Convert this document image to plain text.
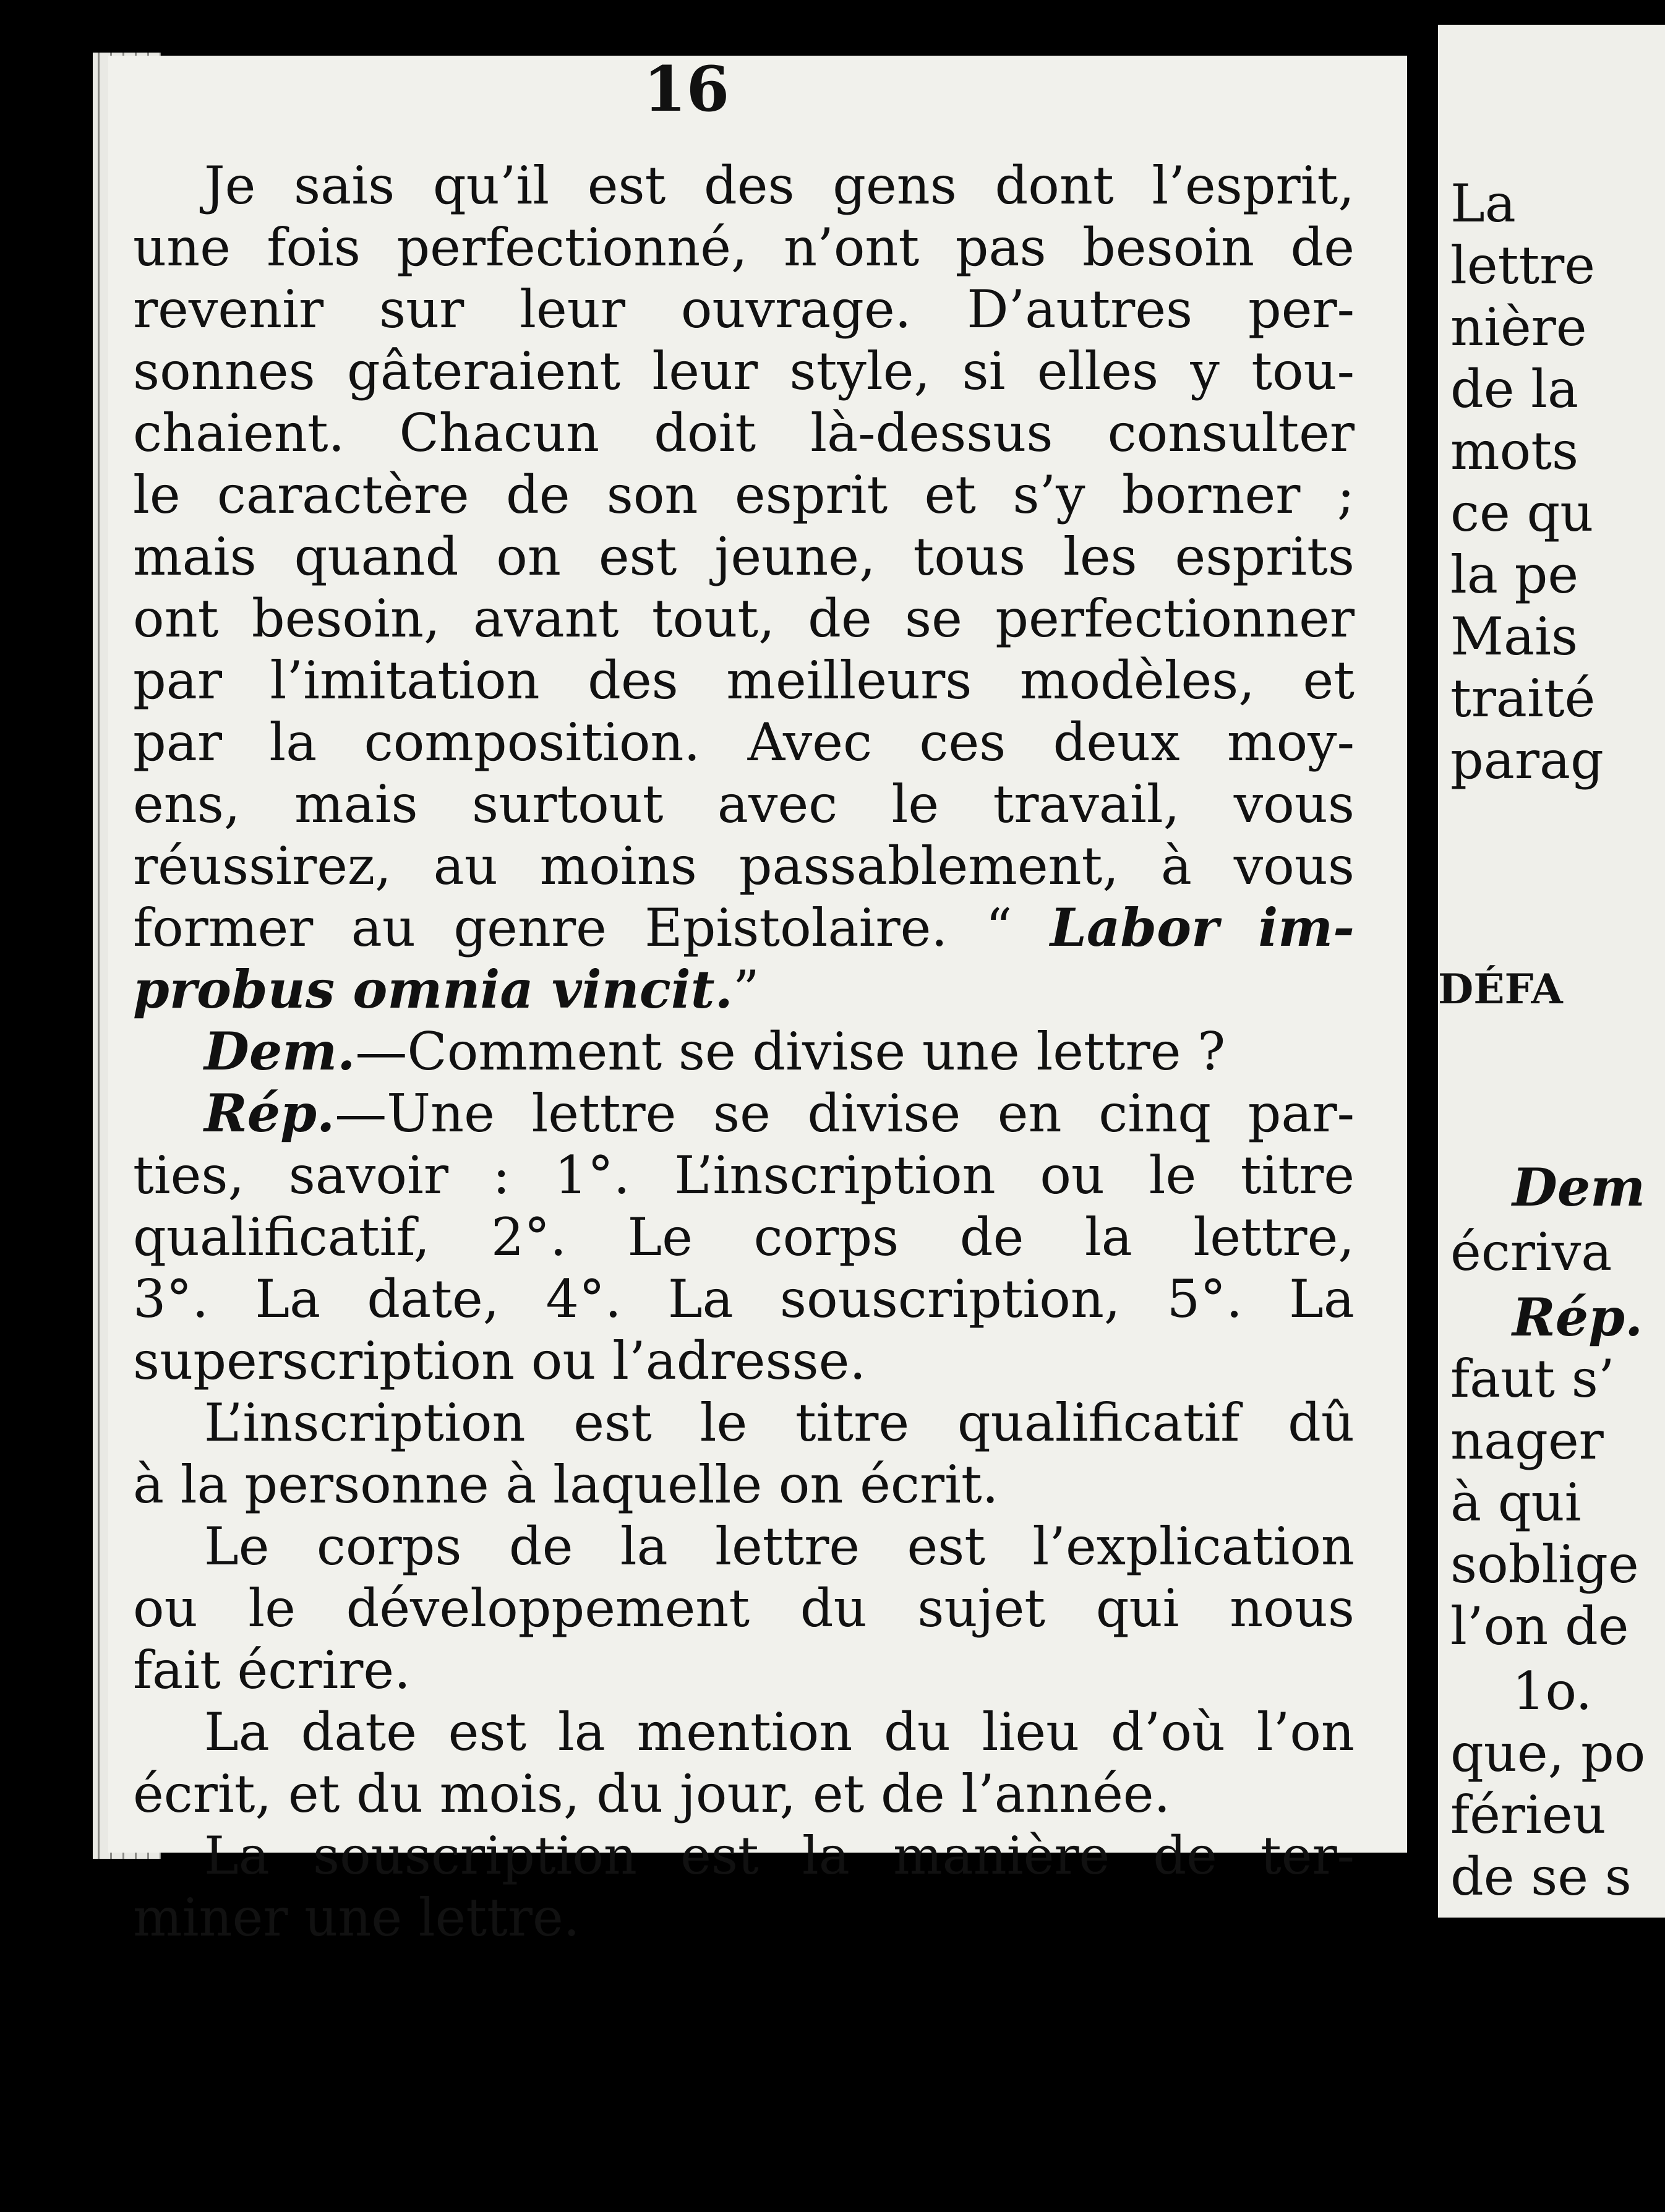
16
Je sais qu’il est des gens dont l’esprit,
une fois perfectionné, n’ont pas besoin de
revenir sur leur ouvrage. D’autres per-
sonnes gâteraient leur style, si elles y tou-
chaient. Chacun doit là-dessus consulter
le caractère de son esprit et s’y borner ;
mais quand on est jeune, tous les esprits
ont besoin, avant tout, de se perfectionner
par l’imitation des meilleurs modèles, et
par la composition. Avec ces deux moy-
ens, mais surtout avec le travail, vous
réussirez, au moins passablement, à vous
former au genre Epistolaire. “ Labor im-
probus omnia vincit.”
Dem.—Comment se divise une lettre ?
Rép.—Une lettre se divise en cinq par-
ties, savoir : 1°. L’inscription ou le titre
qualificatif, 2°. Le corps de la lettre,
3°. La date, 4°. La souscription, 5°. La
superscription ou l’adresse.
L’inscription est le titre qualificatif dû
à la personne à laquelle on écrit.
Le corps de la lettre est l’explication
ou le développement du sujet qui nous
fait écrire.
La date est la mention du lieu d’où l’on
écrit, et du mois, du jour, et de l’année.
La souscription est la manière de ter-
miner une lettre.
La
lettre
nière
de la
mots
ce qu
la pe
Mais
traité
parag
DÉFA
Dem
écriva
Rép.
faut s’
nager
à qui
soblige
l’on de
1o.
que, po
férieu
de se s
